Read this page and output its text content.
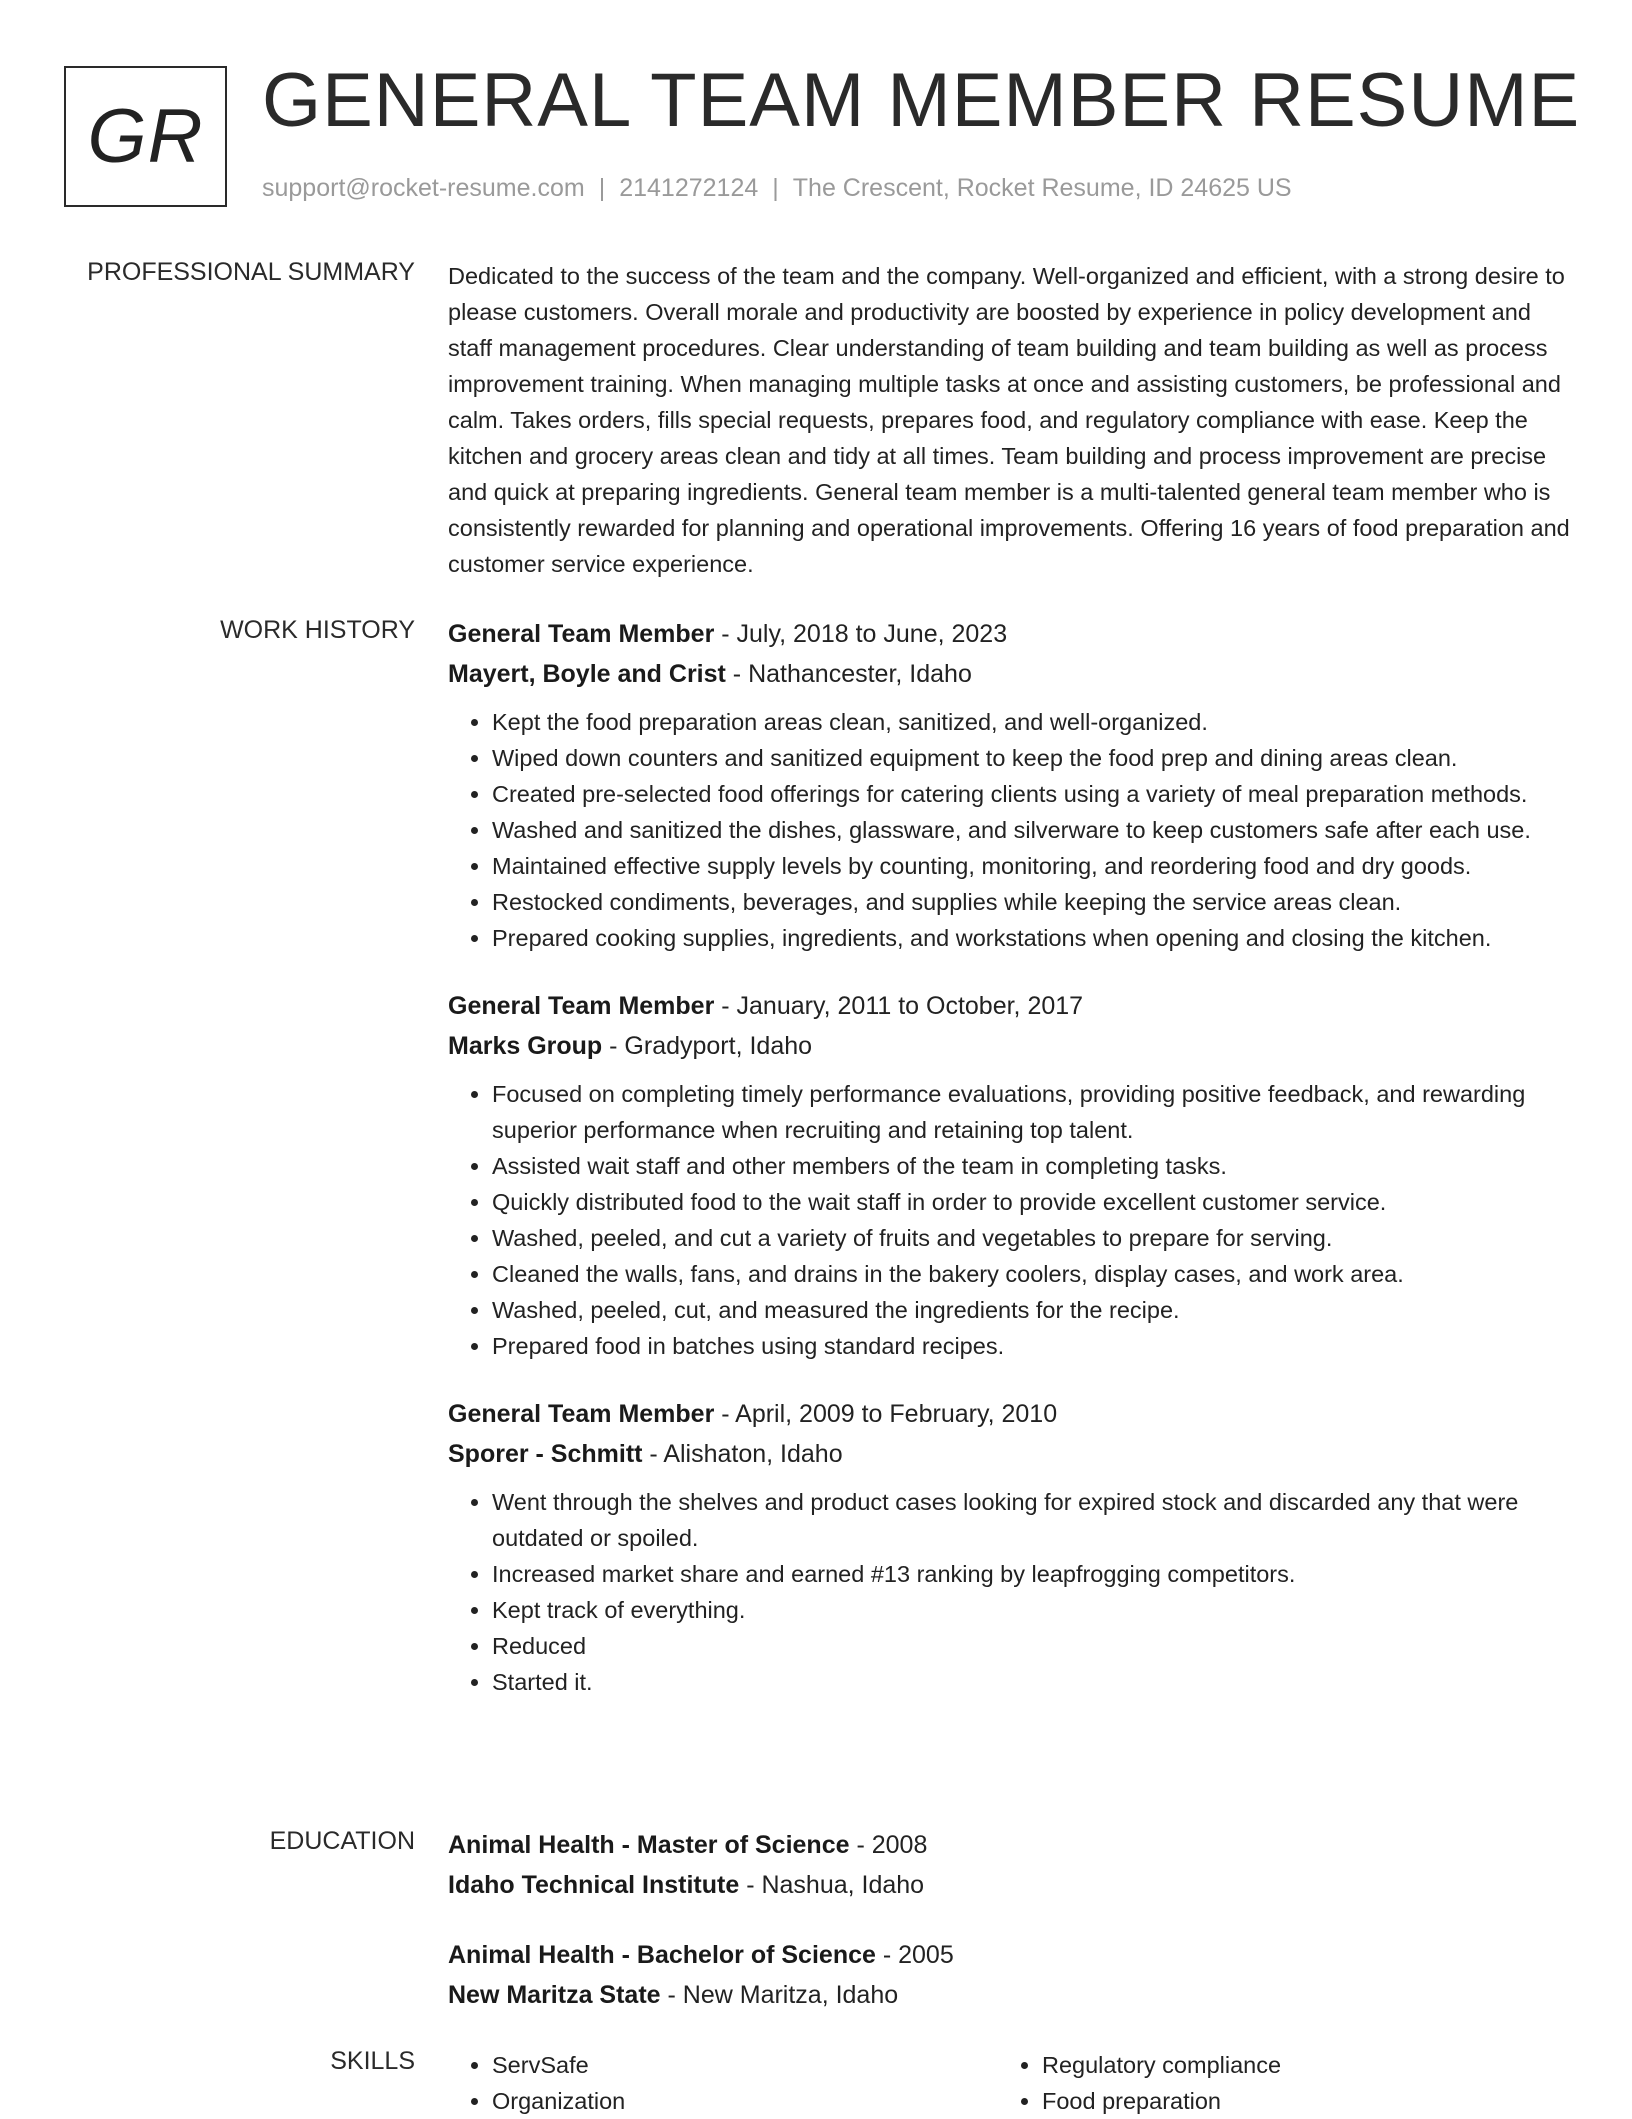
GR GENERAL TEAM MEMBER RESUME
support@rocket-resume.com | 2141272124 | The Crescent, Rocket Resume, ID 24625 US
PROFESSIONAL SUMMARY Dedicated to the success of the team and the company. Well-organized and efficient, with a strong desire to please customers. Overall morale and productivity are boosted by experience in policy development and staff management procedures. Clear understanding of team building and team building as well as process improvement training. When managing multiple tasks at once and assisting customers, be professional and calm. Takes orders, fills special requests, prepares food, and regulatory compliance with ease. Keep the kitchen and grocery areas clean and tidy at all times. Team building and process improvement are precise and quick at preparing ingredients. General team member is a multi-talented general team member who is consistently rewarded for planning and operational improvements. Offering 16 years of food preparation and customer service experience.

WORK HISTORY General Team Member - July, 2018 to June, 2023
Mayert, Boyle and Crist - Nathancester, Idaho
• Kept the food preparation areas clean, sanitized, and well-organized.
• Wiped down counters and sanitized equipment to keep the food prep and dining areas clean.
• Created pre-selected food offerings for catering clients using a variety of meal preparation methods.
• Washed and sanitized the dishes, glassware, and silverware to keep customers safe after each use.
• Maintained effective supply levels by counting, monitoring, and reordering food and dry goods.
• Restocked condiments, beverages, and supplies while keeping the service areas clean.
• Prepared cooking supplies, ingredients, and workstations when opening and closing the kitchen.
General Team Member - January, 2011 to October, 2017
Marks Group - Gradyport, Idaho
• Focused on completing timely performance evaluations, providing positive feedback, and rewarding superior performance when recruiting and retaining top talent.
• Assisted wait staff and other members of the team in completing tasks.
• Quickly distributed food to the wait staff in order to provide excellent customer service.
• Washed, peeled, and cut a variety of fruits and vegetables to prepare for serving.
• Cleaned the walls, fans, and drains in the bakery coolers, display cases, and work area.
• Washed, peeled, cut, and measured the ingredients for the recipe.
• Prepared food in batches using standard recipes.
General Team Member - April, 2009 to February, 2010
Sporer - Schmitt - Alishaton, Idaho
• Went through the shelves and product cases looking for expired stock and discarded any that were outdated or spoiled.
• Increased market share and earned #13 ranking by leapfrogging competitors.
• Kept track of everything.
• Reduced
• Started it.
EDUCATION Animal Health - Master of Science - 2008
Idaho Technical Institute - Nashua, Idaho
Animal Health - Bachelor of Science - 2005
New Maritza State - New Maritza, Idaho
SKILLS
•	ServSafe
• Organization
• Regulatory compliance
• Food preparation
